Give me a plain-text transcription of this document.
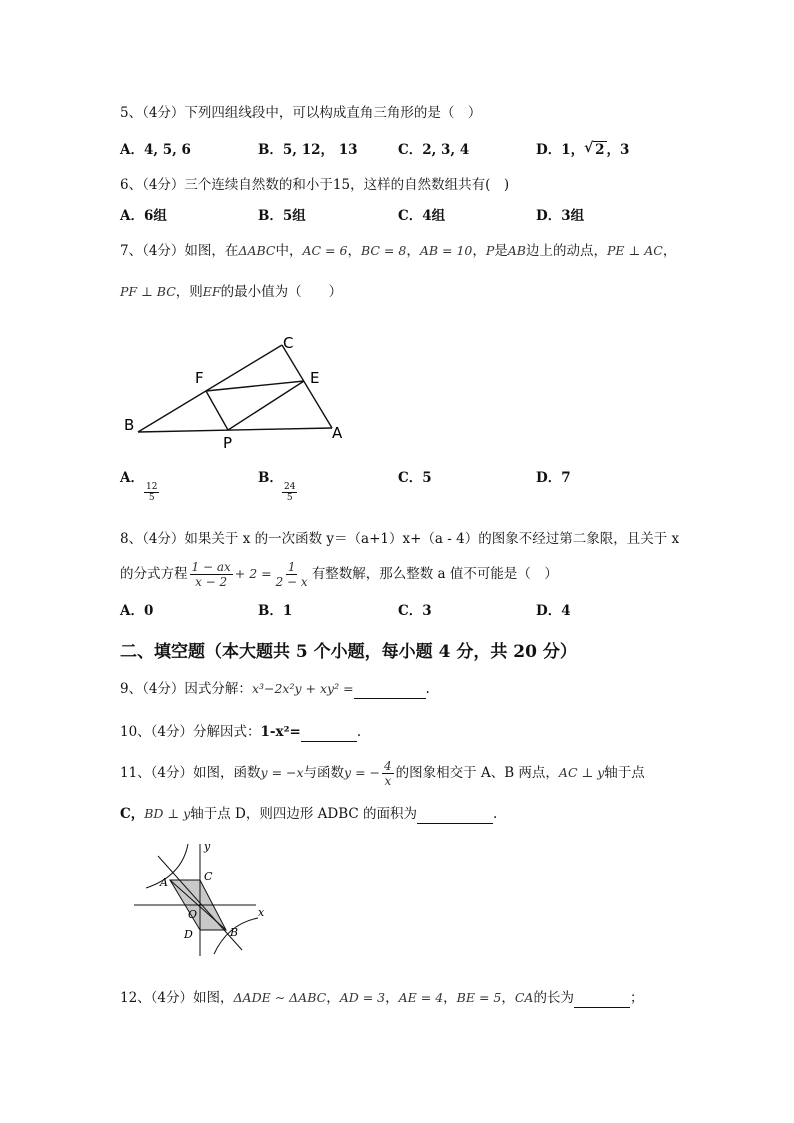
5、（4分）下列四组线段中，可以构成直角三角形的是（　）
A．4, 5, 6	B．5, 12， 13	C．2, 3, 4	D．1， √ 2 ，3
6、（4分）三个连续自然数的和小于15，这样的自然数组共有(　)
A．6组	B．5组	C．4组	D．3组
7、（4分）如图，在ΔABC中，AC = 6，BC = 8，AB = 10，P是AB边上的动点，PE ⊥ AC，
PF ⊥ BC，则EF的最小值为（　　）
C
F	E
B
P
A
A．
$\frac{12}{5}$
B．
$\frac{24}{5}$
C．5	D．7
8、（4分）如果关于 x 的一次函数 y＝（a+1）x+（a - 4）的图象不经过第二象限，且关于 x
的分式方程 $\frac{1 - ax}{x - 2} + 2 = \frac{1}{2 - x}$ 有整数解，那么整数 a 值不可能是（　）
A．0	B．1	C．3	D．4
二、填空题（本大题共 5 个小题，每小题 4 分，共 20 分）
9、（4分）因式分解：x³−2x²y + xy² =	.
10、（4分）分解因式：1-x²=	.
11、（4分）如图，函数y = −x与函数y = − $\frac{4}{x}$ 的图象相交于 A、B 两点，AC ⊥ y轴于点
C，BD ⊥ y轴于点 D，则四边形 ADBC 的面积为	.
y
x
A	C
O
D	B
12、（4分）如图，ΔADE ∼ ΔABC，AD = 3，AE = 4，BE = 5，CA的长为	；
